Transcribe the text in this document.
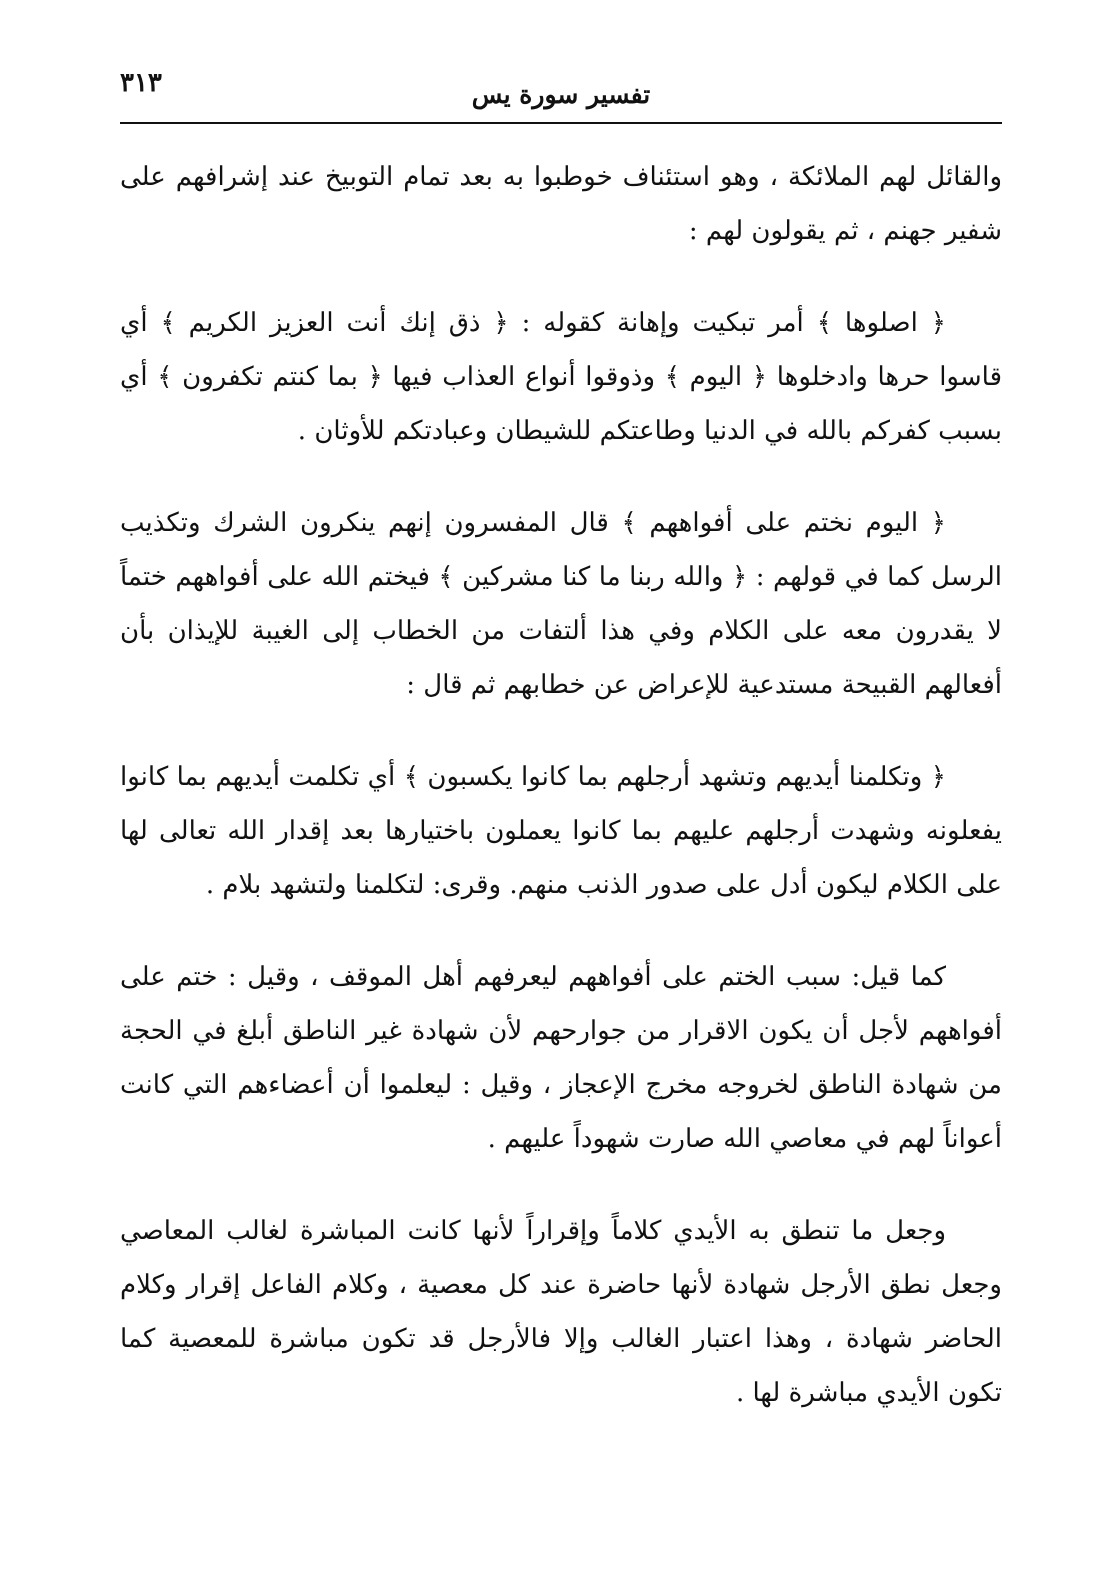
٣١٣	تفسير سورة يس

والقائل لهم الملائكة ، وهو استئناف خوطبوا به بعد تمام التوبيخ عند إشرافهم على شفير جهنم ، ثم يقولون لهم :

﴿ اصلوها ﴾ أمر تبكيت وإهانة كقوله : ﴿ ذق إنك أنت العزيز الكريم ﴾ أي قاسوا حرها وادخلوها ﴿ اليوم ﴾ وذوقوا أنواع العذاب فيها ﴿ بما كنتم تكفرون ﴾ أي بسبب كفركم بالله في الدنيا وطاعتكم للشيطان وعبادتكم للأوثان .

﴿ اليوم نختم على أفواههم ﴾ قال المفسرون إنهم ينكرون الشرك وتكذيب الرسل كما في قولهم : ﴿ والله ربنا ما كنا مشركين ﴾ فيختم الله على أفواههم ختماً لا يقدرون معه على الكلام وفي هذا ألتفات من الخطاب إلى الغيبة للإيذان بأن أفعالهم القبيحة مستدعية للإعراض عن خطابهم ثم قال :

﴿ وتكلمنا أيديهم وتشهد أرجلهم بما كانوا يكسبون ﴾ أي تكلمت أيديهم بما كانوا يفعلونه وشهدت أرجلهم عليهم بما كانوا يعملون باختيارها بعد إقدار الله تعالى لها على الكلام ليكون أدل على صدور الذنب منهم. وقرى: لتكلمنا ولتشهد بلام .

كما قيل: سبب الختم على أفواههم ليعرفهم أهل الموقف ، وقيل : ختم على أفواههم لأجل أن يكون الاقرار من جوارحهم لأن شهادة غير الناطق أبلغ في الحجة من شهادة الناطق لخروجه مخرج الإعجاز ، وقيل : ليعلموا أن أعضاءهم التي كانت أعواناً لهم في معاصي الله صارت شهوداً عليهم .

وجعل ما تنطق به الأيدي كلاماً وإقراراً لأنها كانت المباشرة لغالب المعاصي وجعل نطق الأرجل شهادة لأنها حاضرة عند كل معصية ، وكلام الفاعل إقرار وكلام الحاضر شهادة ، وهذا اعتبار الغالب وإلا فالأرجل قد تكون مباشرة للمعصية كما تكون الأيدي مباشرة لها .
